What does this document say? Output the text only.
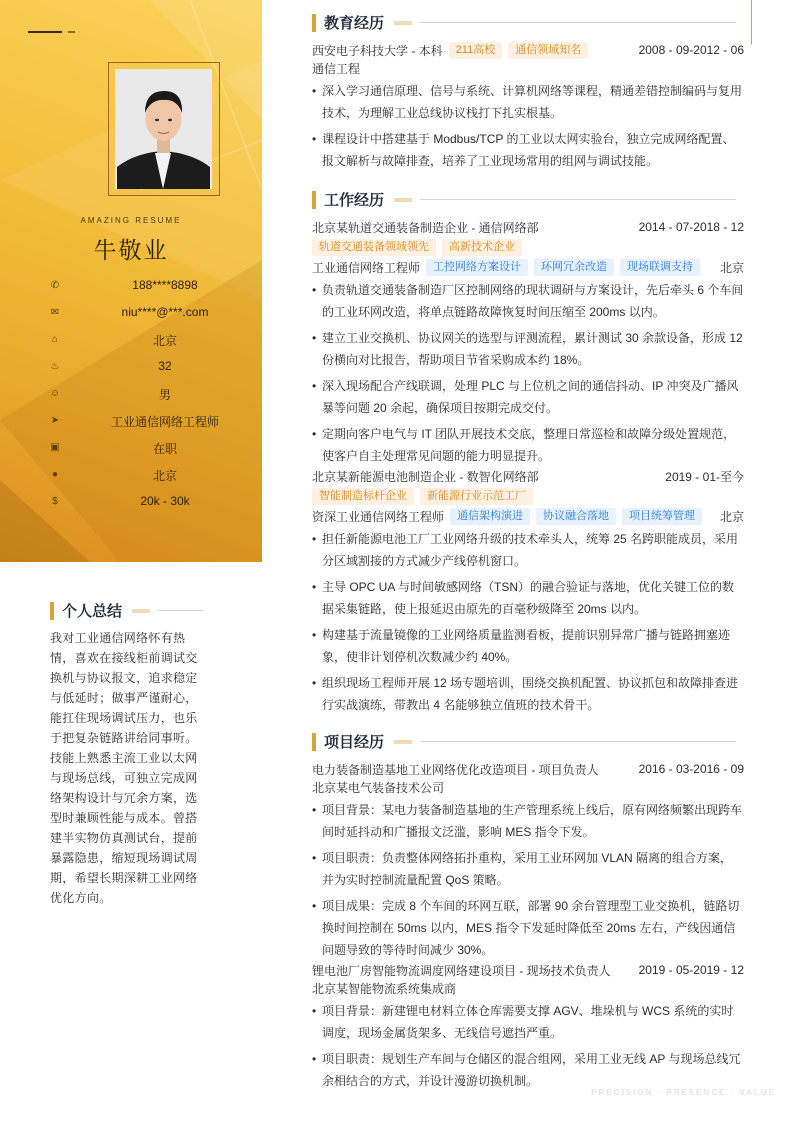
AMAZING RESUME
牛敬业
✆	188****8898
✉	niu****@***.com
⌂	北京
♨	32
☺	男
➤	工业通信网络工程师
▣	在职
●	北京
$	20k - 30k
个人总结
我对工业通信网络怀有热情，喜欢在接线柜前调试交换机与协议报文，追求稳定与低延时；做事严谨耐心，能扛住现场调试压力，也乐于把复杂链路讲给同事听。技能上熟悉主流工业以太网与现场总线，可独立完成网络架构设计与冗余方案，选型时兼顾性能与成本。曾搭建半实物仿真测试台，提前暴露隐患，缩短现场调试周期，希望长期深耕工业网络优化方向。
教育经历
西安电子科技大学 - 本科	211高校	通信领域知名	2008 - 09-2012 - 06
通信工程
• 深入学习通信原理、信号与系统、计算机网络等课程，精通差错控制编码与复用技术，为理解工业总线协议栈打下扎实根基。
• 课程设计中搭建基于 Modbus/TCP 的工业以太网实验台，独立完成网络配置、报文解析与故障排查，培养了工业现场常用的组网与调试技能。
工作经历
北京某轨道交通装备制造企业 - 通信网络部	2014 - 07-2018 - 12
轨道交通装备领域领先	高新技术企业
工业通信网络工程师	工控网络方案设计	环网冗余改造	现场联调支持	北京
• 负责轨道交通装备制造厂区控制网络的现状调研与方案设计，先后牵头 6 个车间的工业环网改造，将单点链路故障恢复时间压缩至 200ms 以内。
• 建立工业交换机、协议网关的选型与评测流程，累计测试 30 余款设备，形成 12 份横向对比报告，帮助项目节省采购成本约 18%。
• 深入现场配合产线联调，处理 PLC 与上位机之间的通信抖动、IP 冲突及广播风暴等问题 20 余起，确保项目按期完成交付。
• 定期向客户电气与 IT 团队开展技术交底，整理日常巡检和故障分级处置规范，使客户自主处理常见问题的能力明显提升。
北京某新能源电池制造企业 - 数智化网络部	2019 - 01-至今
智能制造标杆企业	新能源行业示范工厂
资深工业通信网络工程师	通信架构演进	协议融合落地	项目统筹管理	北京
• 担任新能源电池工厂工业网络升级的技术牵头人，统筹 25 名跨职能成员，采用分区域割接的方式减少产线停机窗口。
• 主导 OPC UA 与时间敏感网络（TSN）的融合验证与落地，优化关键工位的数据采集链路，使上报延迟由原先的百毫秒级降至 20ms 以内。
• 构建基于流量镜像的工业网络质量监测看板，提前识别异常广播与链路拥塞迹象，使非计划停机次数减少约 40%。
• 组织现场工程师开展 12 场专题培训，围绕交换机配置、协议抓包和故障排查进行实战演练，带教出 4 名能够独立值班的技术骨干。
项目经历
电力装备制造基地工业网络优化改造项目 - 项目负责人	2016 - 03-2016 - 09
北京某电气装备技术公司
• 项目背景：某电力装备制造基地的生产管理系统上线后，原有网络频繁出现跨车间时延抖动和广播报文泛滥，影响 MES 指令下发。
• 项目职责：负责整体网络拓扑重构，采用工业环网加 VLAN 隔离的组合方案，并为实时控制流量配置 QoS 策略。
• 项目成果：完成 8 个车间的环网互联，部署 90 余台管理型工业交换机，链路切换时间控制在 50ms 以内，MES 指令下发延时降低至 20ms 左右，产线因通信问题导致的等待时间减少 30%。
锂电池厂房智能物流调度网络建设项目 - 现场技术负责人 2019 - 05-2019 - 12
北京某智能物流系统集成商
• 项目背景：新建锂电材料立体仓库需要支撑 AGV、堆垛机与 WCS 系统的实时调度，现场金属货架多、无线信号遮挡严重。
• 项目职责：规划生产车间与仓储区的混合组网，采用工业无线 AP 与现场总线冗余相结合的方式，并设计漫游切换机制。
PRECISION · PRESENCE · VALUE
